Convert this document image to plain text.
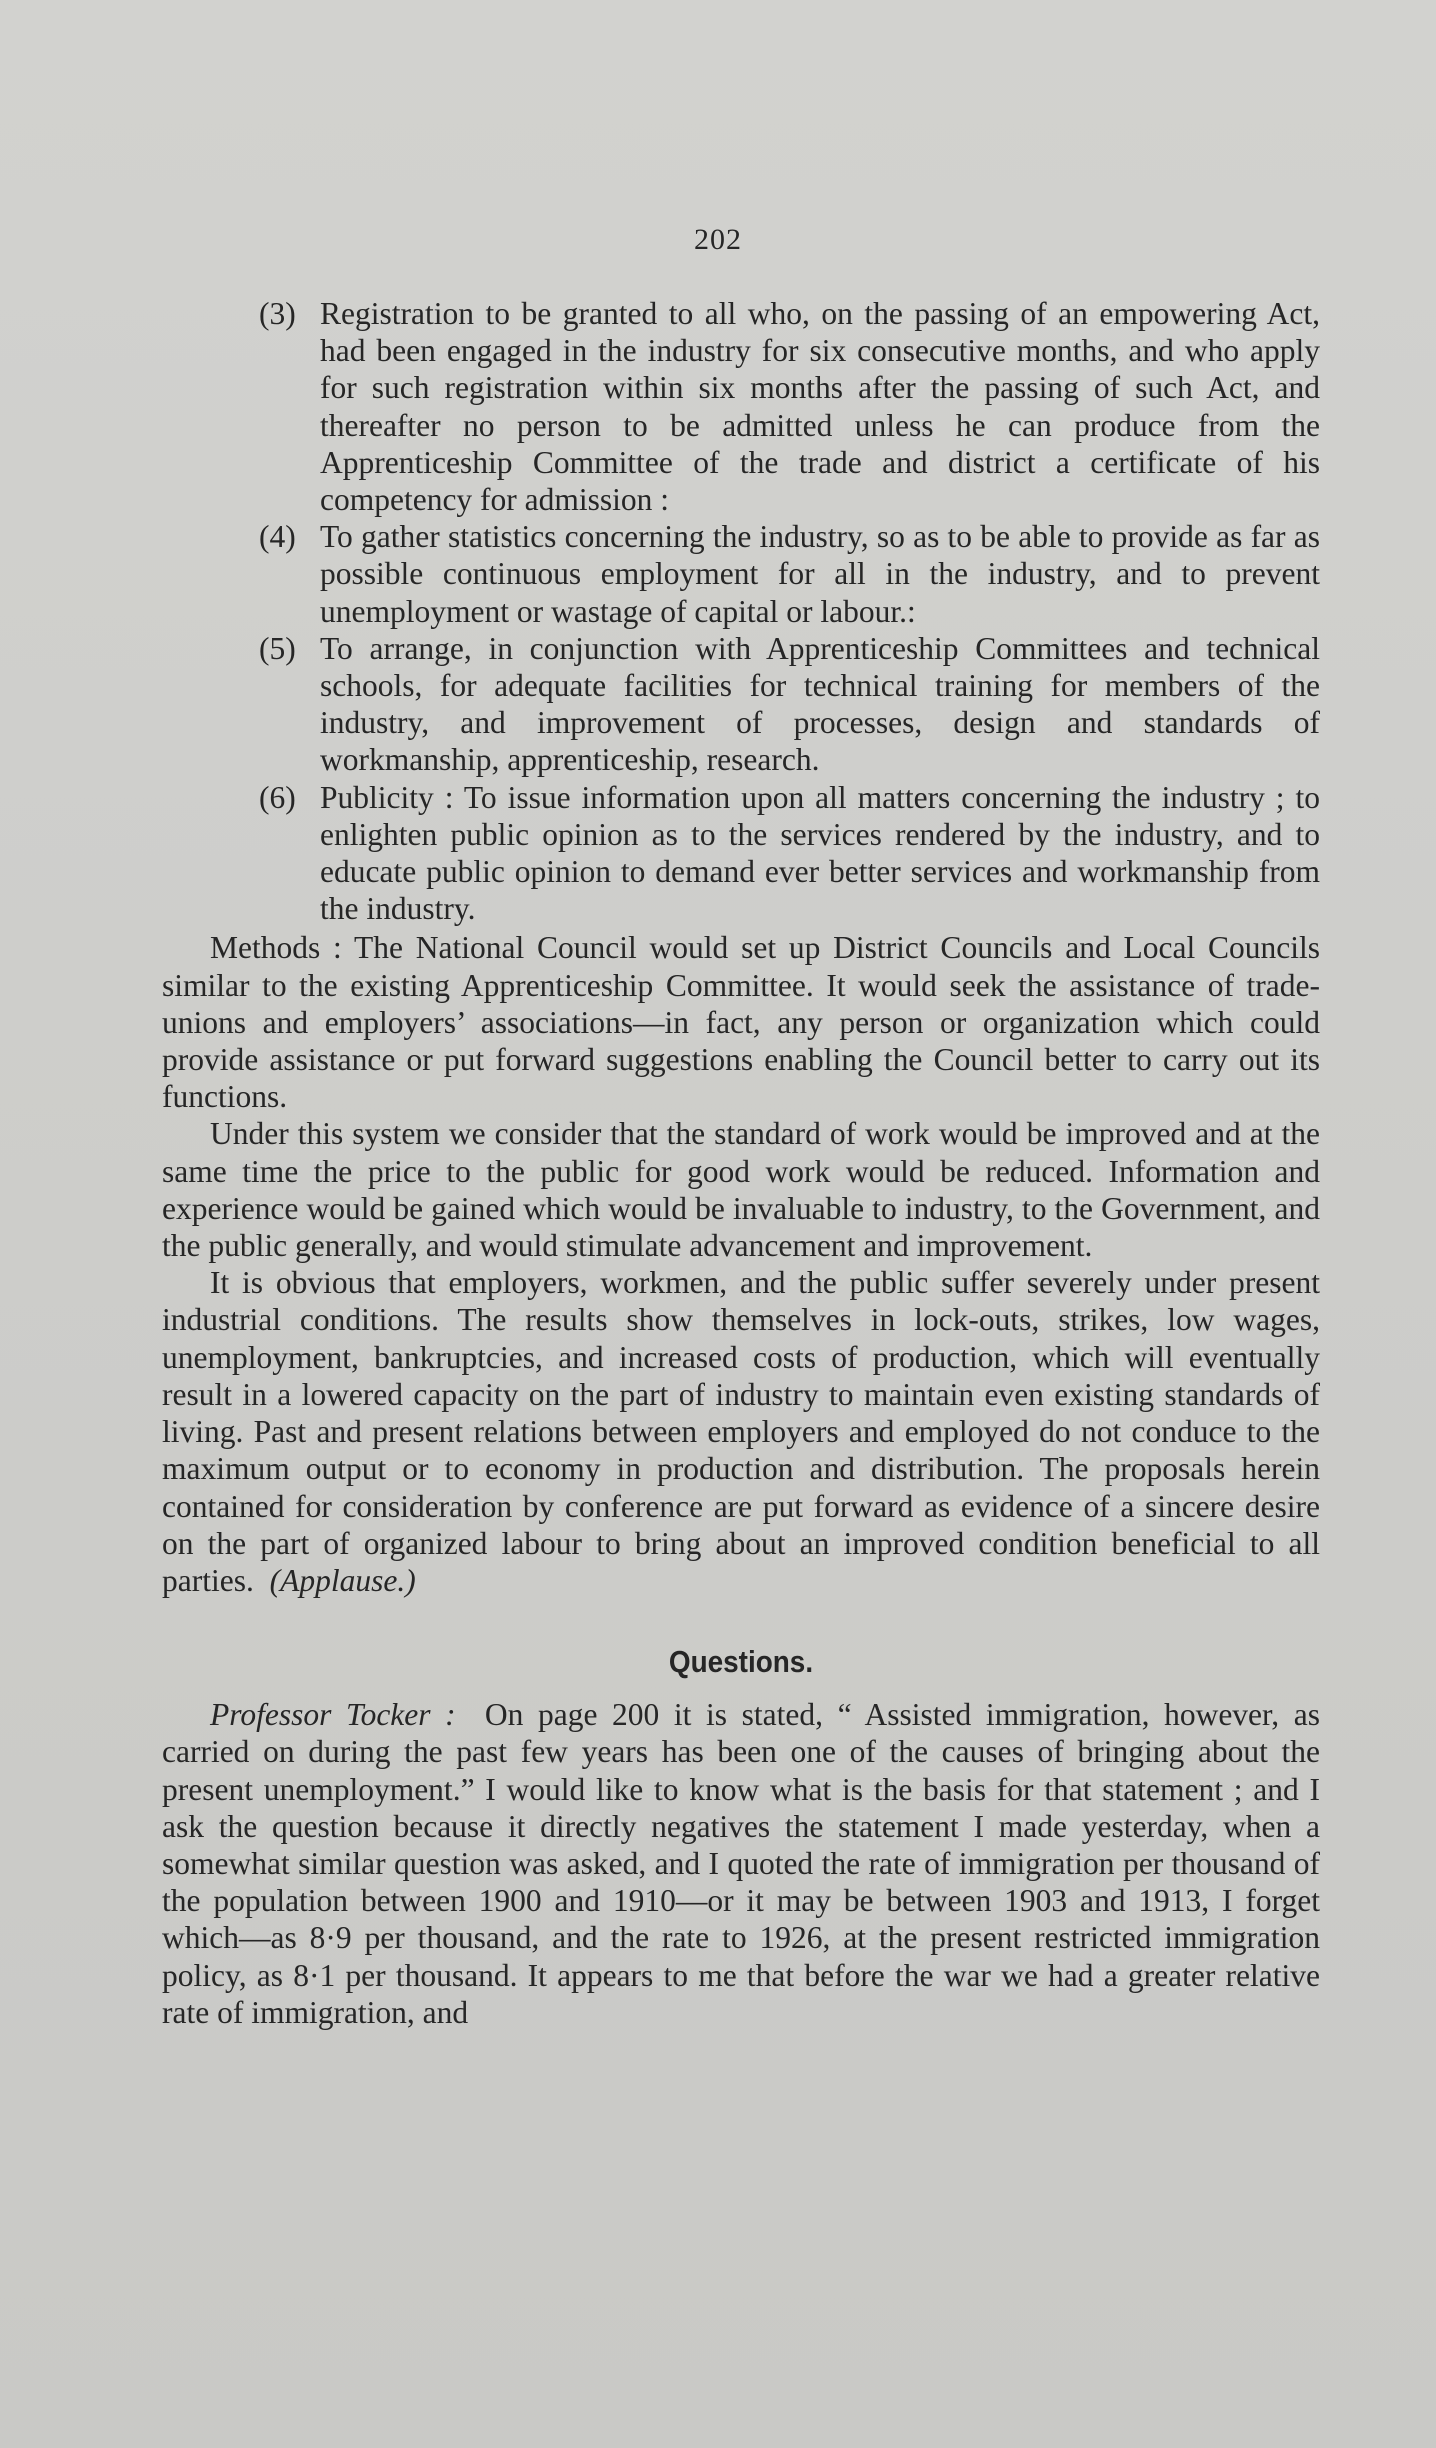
202

(3) Registration to be granted to all who, on the passing of an empowering Act, had been engaged in the industry for six consecutive months, and who apply for such registration within six months after the passing of such Act, and thereafter no person to be admitted unless he can produce from the Apprenticeship Committee of the trade and district a certificate of his competency for admission :

(4) To gather statistics concerning the industry, so as to be able to provide as far as possible continuous employment for all in the industry, and to prevent unemployment or wastage of capital or labour.:

(5) To arrange, in conjunction with Apprenticeship Committees and technical schools, for adequate facilities for technical training for members of the industry, and improvement of processes, design and standards of workmanship, apprenticeship, research.

(6) Publicity : To issue information upon all matters concerning the industry ; to enlighten public opinion as to the services rendered by the industry, and to educate public opinion to demand ever better services and workmanship from the industry.

Methods : The National Council would set up District Councils and Local Councils similar to the existing Apprenticeship Committee. It would seek the assistance of trade-unions and employers’ associations—in fact, any person or organization which could provide assistance or put forward suggestions enabling the Council better to carry out its functions.

Under this system we consider that the standard of work would be improved and at the same time the price to the public for good work would be reduced. Information and experience would be gained which would be invaluable to industry, to the Government, and the public generally, and would stimulate advancement and improvement.

It is obvious that employers, workmen, and the public suffer severely under present industrial conditions. The results show themselves in lock-outs, strikes, low wages, unemployment, bankruptcies, and increased costs of production, which will eventually result in a lowered capacity on the part of industry to maintain even existing standards of living. Past and present relations between employers and employed do not conduce to the maximum output or to economy in production and distribution. The proposals herein contained for consideration by conference are put forward as evidence of a sincere desire on the part of organized labour to bring about an improved condition beneficial to all parties. (Applause.)

Questions.

Professor Tocker : On page 200 it is stated, “ Assisted immigration, however, as carried on during the past few years has been one of the causes of bringing about the present unemployment.” I would like to know what is the basis for that statement ; and I ask the question because it directly negatives the statement I made yesterday, when a somewhat similar question was asked, and I quoted the rate of immigration per thousand of the population between 1900 and 1910—or it may be between 1903 and 1913, I forget which—as 8·9 per thousand, and the rate to 1926, at the present restricted immigration policy, as 8·1 per thousand. It appears to me that before the war we had a greater relative rate of immigration, and
